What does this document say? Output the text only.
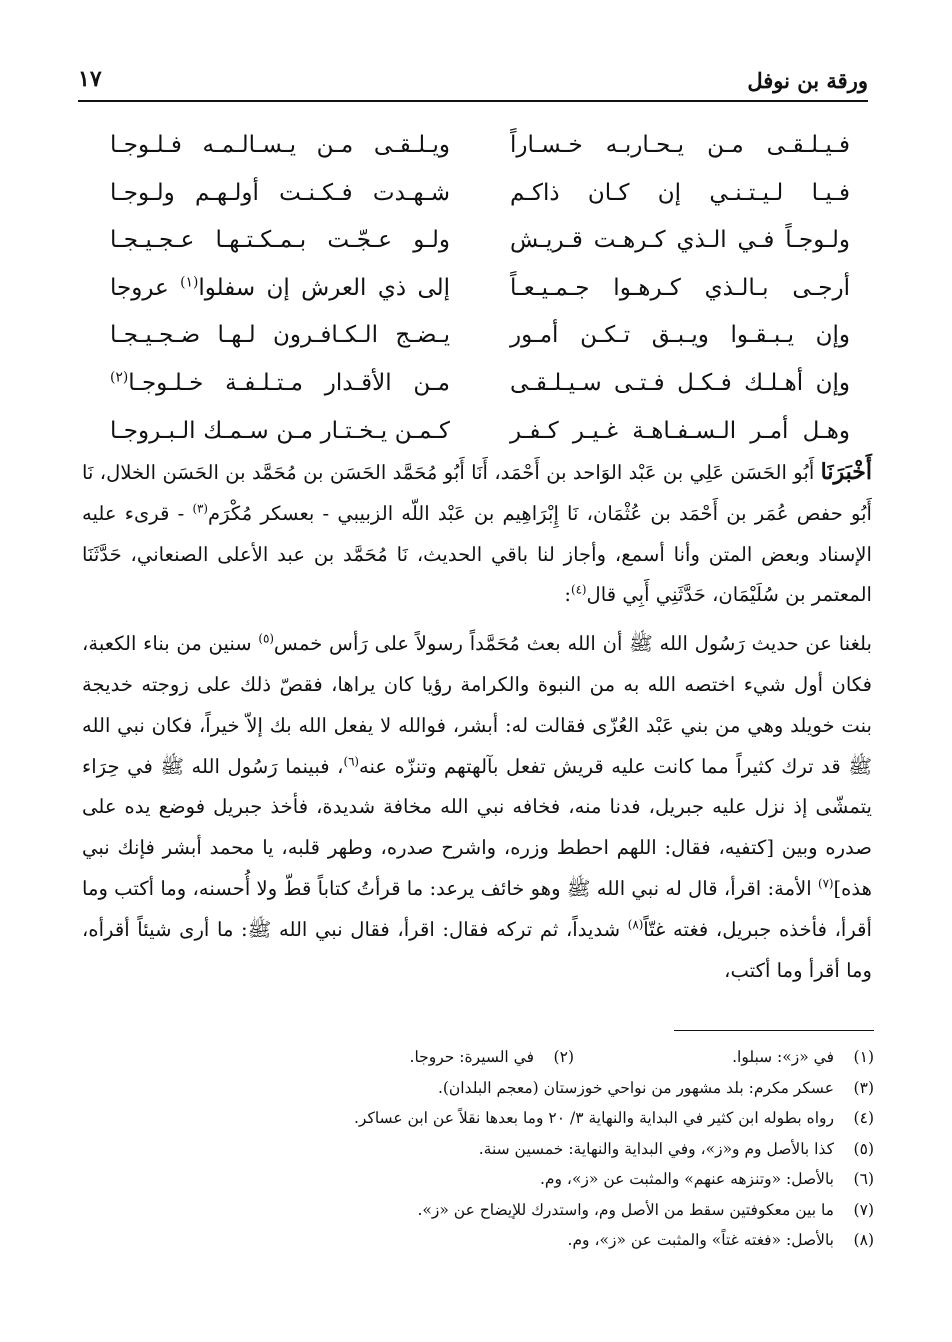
ورقة بن نوفل
١٧
فـيـلـقـى مـن يـحـاربـه خـسـاراً
ويـلـقـى مـن يـسـالـمـه فـلـوجـا
فـيـا لـيـتـنـي إن كـان ذاكـم
شـهـدت فـكـنـت أولـهـم ولـوجـا
ولـوجـاً فـي الـذي كـرهـت قـريـش
ولـو عـجّـت بـمـكـتـهـا عـجـيـجـا
أرجـى بـالـذي كـرهـوا جـمـيـعـاً
إلى ذي العرش إن سفلوا$^{(١)}$ عروجا
وإن يـبـقـوا ويـبـق تـكـن أمـور
يـضـج الـكـافـرون لـهـا ضـجـيـجـا
وإن أهـلـك فـكـل فـتـى سـيـلـقـى
مـن الأقـدار مـتـلـفـة خـلـوجـا$^{(٢)}$
وهـل أمـر الـسـفـاهـة غـيـر كـفـر
كـمـن يـخـتـار مـن سـمـك الـبـروجـا

أَخْبَرَنَا أَبُو الحَسَن عَلِي بن عَبْد الوَاحد بن أَحْمَد، أَنَا أَبُو مُحَمَّد الحَسَن بن مُحَمَّد بن الحَسَن الخلال، نَا أَبُو حفص عُمَر بن أَحْمَد بن عُثْمَان، نَا إِبْرَاهِيم بن عَبْد اللّه الزبيبي - بعسكر مُكْرَم$^{(٣)}$ - قرىء عليه الإسناد وبعض المتن وأنا أسمع، وأجاز لنا باقي الحديث، نَا مُحَمَّد بن عبد الأعلى الصنعاني، حَدَّثَنَا المعتمر بن سُلَيْمَان، حَدَّثَنِي أَبِي قال$^{(٤)}$:

بلغنا عن حديث رَسُول الله ﷺ أن الله بعث مُحَمَّداً رسولاً على رَأس خمس$^{(٥)}$ سنين من بناء الكعبة، فكان أول شيء اختصه الله به من النبوة والكرامة رؤيا كان يراها، فقصّ ذلك على زوجته خديجة بنت خويلد وهي من بني عَبْد العُزّى فقالت له: أبشر، فوالله لا يفعل الله بك إلاّ خيراً، فكان نبي الله ﷺ قد ترك كثيراً مما كانت عليه قريش تفعل بآلهتهم وتنزّه عنه$^{(٦)}$، فبينما رَسُول الله ﷺ في حِرَاء يتمشّى إذ نزل عليه جبريل، فدنا منه، فخافه نبي الله مخافة شديدة، فأخذ جبريل فوضع يده على صدره وبين [كتفيه، فقال: اللهم احطط وزره، واشرح صدره، وطهر قلبه، يا محمد أبشر فإنك نبي هذه]$^{(٧)}$ الأمة: اقرأ، قال له نبي الله ﷺ وهو خائف يرعد: ما قرأتُ كتاباً قطّ ولا أُحسنه، وما أكتب وما أقرأ، فأخذه جبريل، فغته غتّاً$^{(٨)}$ شديداً، ثم تركه فقال: اقرأ، فقال نبي الله ﷺ: ما أرى شيئاً أقرأه، وما أقرأ وما أكتب،

(١)في «ز»: سبلوا.
(٢)في السيرة: حروجا.
(٣)عسكر مكرم: بلد مشهور من نواحي خوزستان (معجم البلدان).
(٤)رواه بطوله ابن كثير في البداية والنهاية ٣/ ٢٠ وما بعدها نقلاً عن ابن عساكر.
(٥)كذا بالأصل وم و«ز»، وفي البداية والنهاية: خمسين سنة.
(٦)بالأصل: «وتنزهه عنهم» والمثبت عن «ز»، وم.
(٧)ما بين معكوفتين سقط من الأصل وم، واستدرك للإيضاح عن «ز».
(٨)بالأصل: «فغته غتاً» والمثبت عن «ز»، وم.
